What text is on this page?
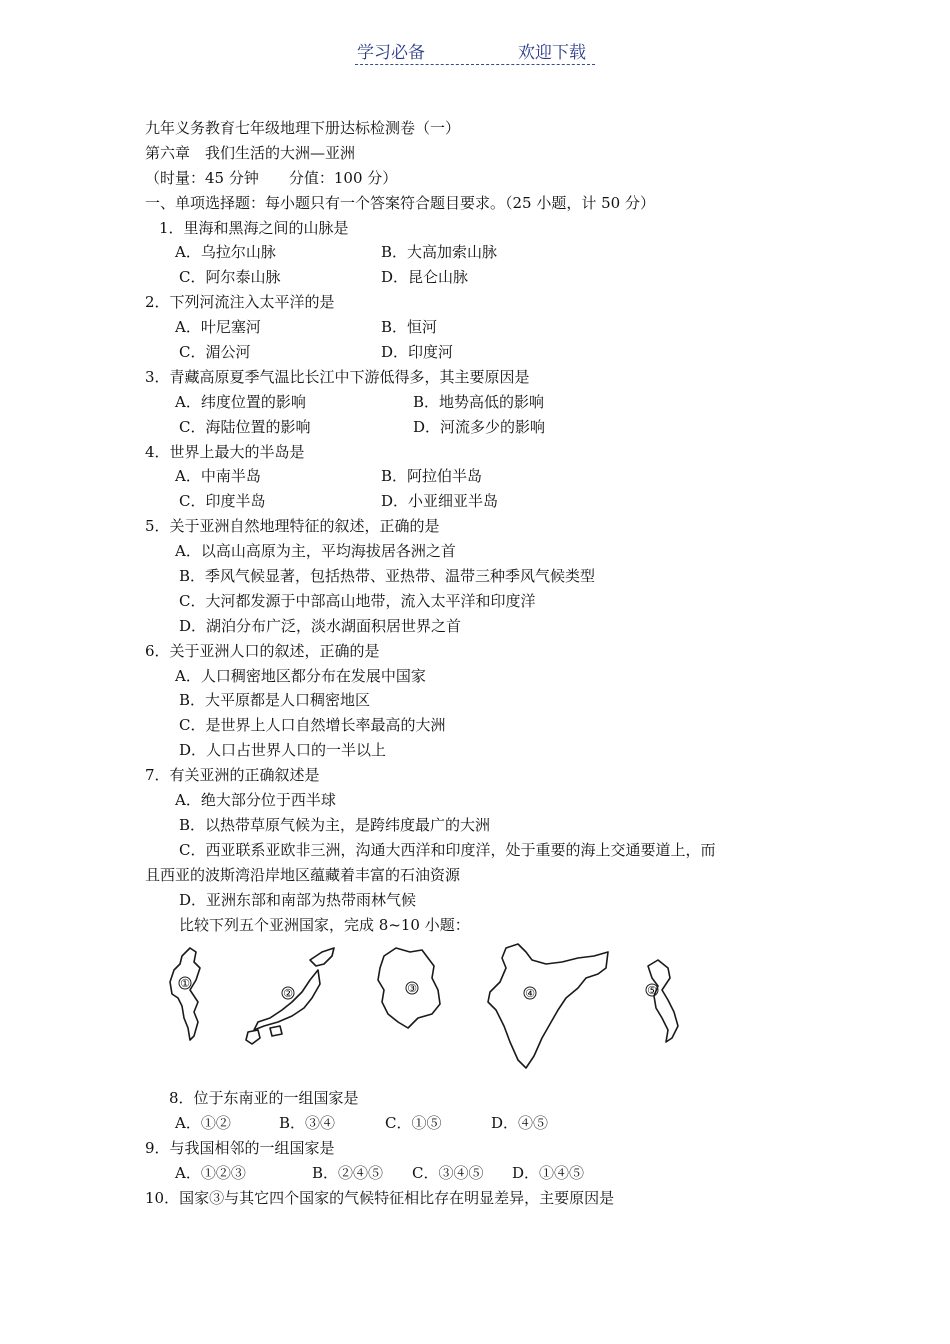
学习必备	欢迎下载
九年义务教育七年级地理下册达标检测卷（一）
第六章　我们生活的大洲—亚洲
（时量：45 分钟　　分值：100 分）
一、单项选择题：每小题只有一个答案符合题目要求。（25 小题，计 50 分）
1．里海和黑海之间的山脉是
A．乌拉尔山脉	B．大高加索山脉
C．阿尔泰山脉	D．昆仑山脉
2．下列河流注入太平洋的是
A．叶尼塞河	B．恒河
C．湄公河	D．印度河
3．青藏高原夏季气温比长江中下游低得多，其主要原因是
A．纬度位置的影响	B．地势高低的影响
C．海陆位置的影响	D．河流多少的影响
4．世界上最大的半岛是
A．中南半岛	B．阿拉伯半岛
C．印度半岛	D．小亚细亚半岛
5．关于亚洲自然地理特征的叙述，正确的是
A．以高山高原为主，平均海拔居各洲之首
B．季风气候显著，包括热带、亚热带、温带三种季风气候类型
C．大河都发源于中部高山地带，流入太平洋和印度洋
D．湖泊分布广泛，淡水湖面积居世界之首
6．关于亚洲人口的叙述，正确的是
A．人口稠密地区都分布在发展中国家
B．大平原都是人口稠密地区
C．是世界上人口自然增长率最高的大洲
D．人口占世界人口的一半以上
7．有关亚洲的正确叙述是
A．绝大部分位于西半球
B．以热带草原气候为主，是跨纬度最广的大洲
C．西亚联系亚欧非三洲，沟通大西洋和印度洋，处于重要的海上交通要道上，而
且西亚的波斯湾沿岸地区蕴藏着丰富的石油资源
D．亚洲东部和南部为热带雨林气候
比较下列五个亚洲国家，完成 8~10 小题：
①
②	③	④	⑤
8．位于东南亚的一组国家是
A．①②	B．③④	C．①⑤	D．④⑤
9．与我国相邻的一组国家是
A．①②③	B．②④⑤ C．③④⑤ D．①④⑤
10．国家③与其它四个国家的气候特征相比存在明显差异，主要原因是
